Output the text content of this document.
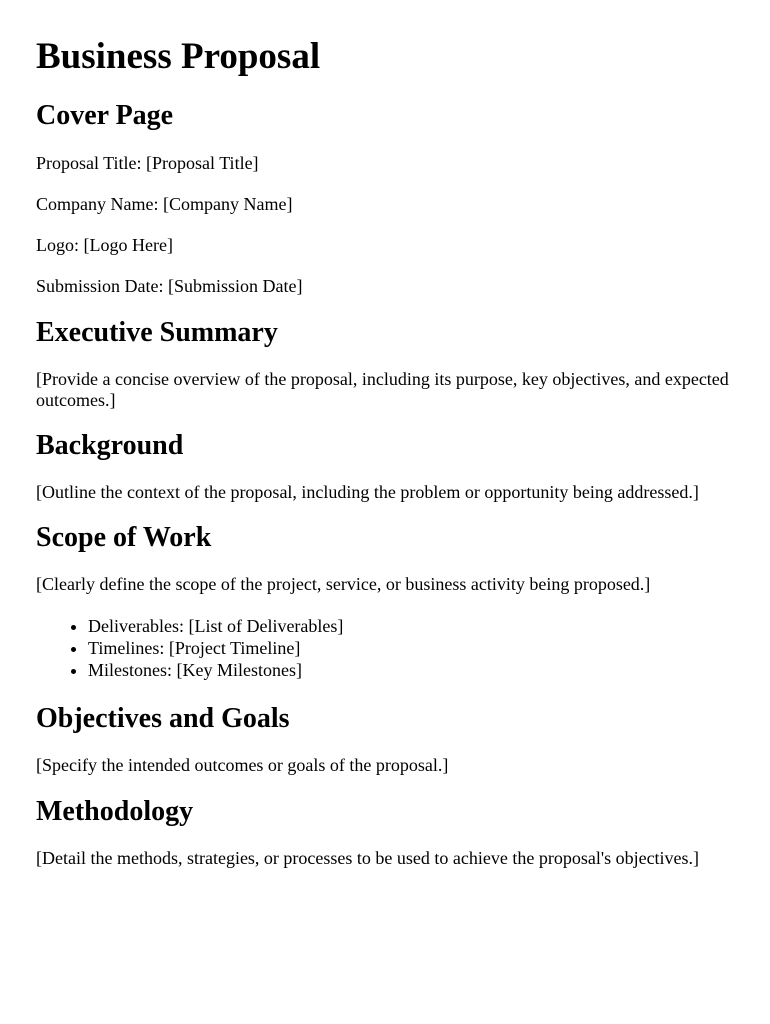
Business Proposal
Cover Page

Proposal Title: [Proposal Title]

Company Name: [Company Name]

Logo: [Logo Here]

Submission Date: [Submission Date]

Executive Summary

[Provide a concise overview of the proposal, including its purpose, key objectives, and expected outcomes.]

Background

[Outline the context of the proposal, including the problem or opportunity being addressed.]

Scope of Work

[Clearly define the scope of the project, service, or business activity being proposed.]

• Deliverables: [List of Deliverables]
• Timelines: [Project Timeline]
• Milestones: [Key Milestones]
Objectives and Goals

[Specify the intended outcomes or goals of the proposal.]

Methodology

[Detail the methods, strategies, or processes to be used to achieve the proposal's objectives.]
